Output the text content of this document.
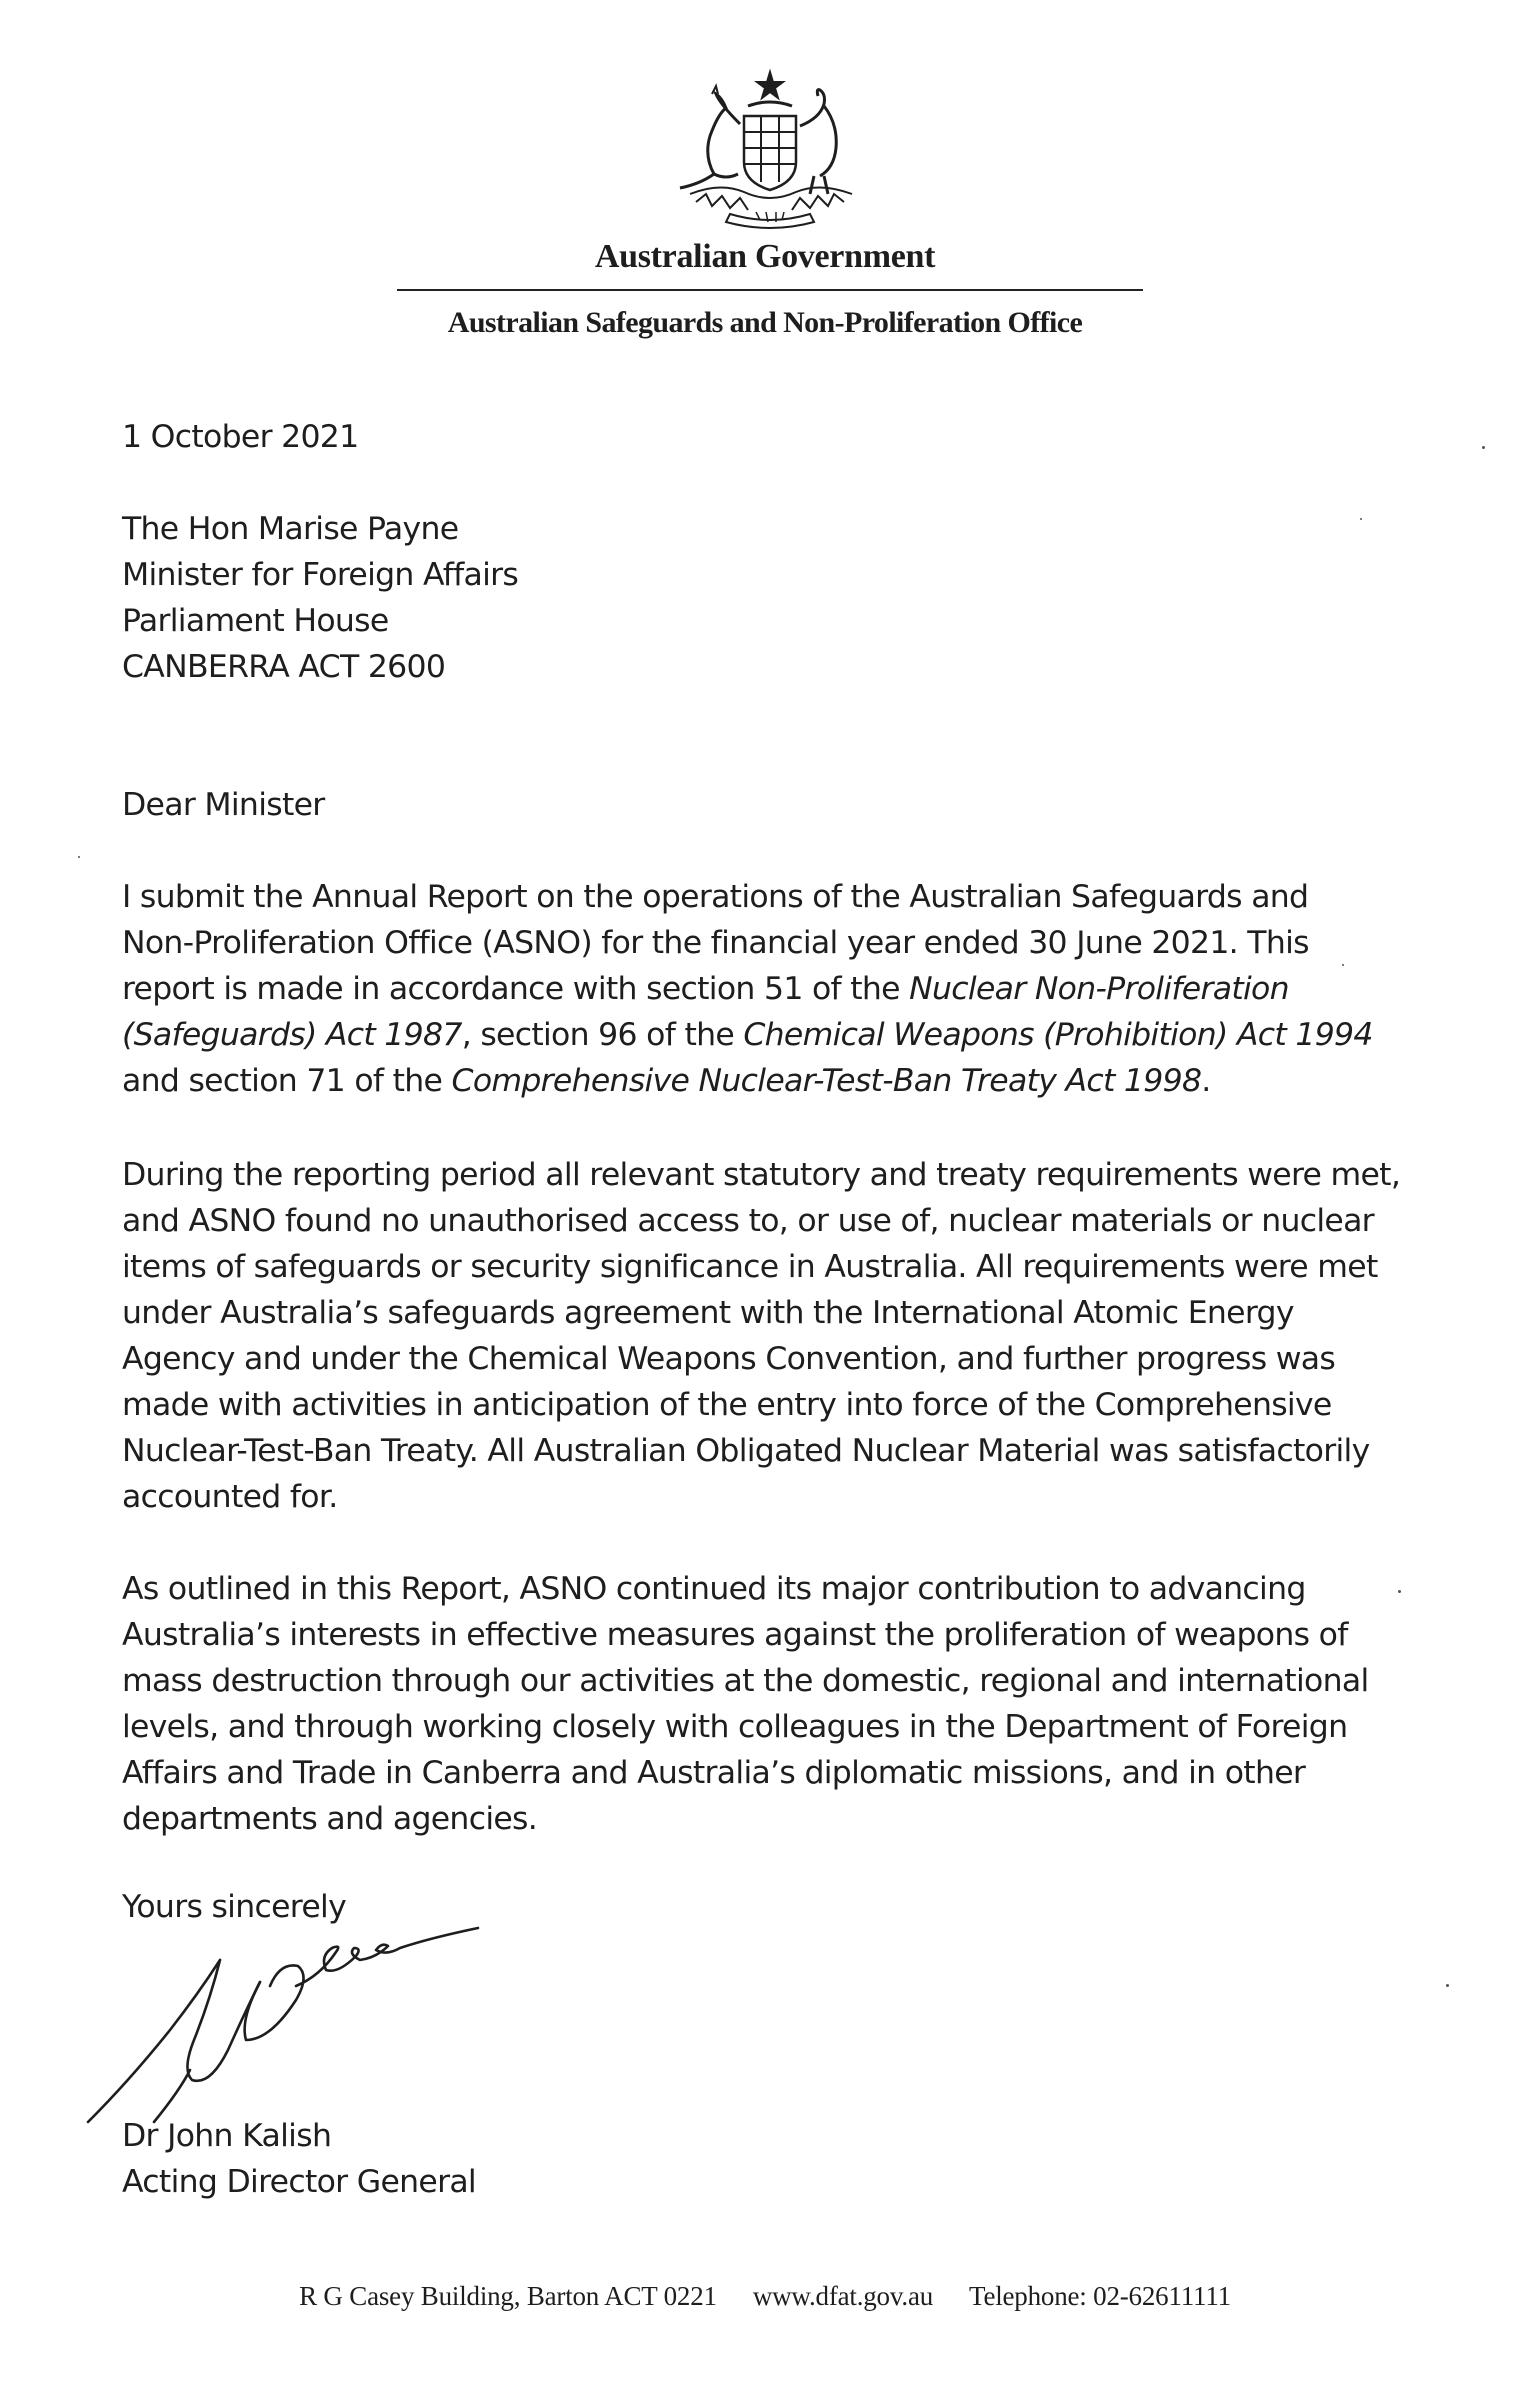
Australian Government
Australian Safeguards and Non-Proliferation Office
1 October 2021
The Hon Marise Payne
Minister for Foreign Affairs
Parliament House
CANBERRA ACT 2600
Dear Minister
I submit the Annual Report on the operations of the Australian Safeguards and
Non-Proliferation Office (ASNO) for the financial year ended 30 June 2021. This
report is made in accordance with section 51 of the Nuclear Non-Proliferation
(Safeguards) Act 1987, section 96 of the Chemical Weapons (Prohibition) Act 1994
and section 71 of the Comprehensive Nuclear-Test-Ban Treaty Act 1998.
During the reporting period all relevant statutory and treaty requirements were met,
and ASNO found no unauthorised access to, or use of, nuclear materials or nuclear
items of safeguards or security significance in Australia. All requirements were met
under Australia’s safeguards agreement with the International Atomic Energy
Agency and under the Chemical Weapons Convention, and further progress was
made with activities in anticipation of the entry into force of the Comprehensive
Nuclear-Test-Ban Treaty. All Australian Obligated Nuclear Material was satisfactorily
accounted for.
As outlined in this Report, ASNO continued its major contribution to advancing
Australia’s interests in effective measures against the proliferation of weapons of
mass destruction through our activities at the domestic, regional and international
levels, and through working closely with colleagues in the Department of Foreign
Affairs and Trade in Canberra and Australia’s diplomatic missions, and in other
departments and agencies.
Yours sincerely
Dr John Kalish
Acting Director General
R G Casey Building, Barton ACT 0221 www.dfat.gov.au Telephone: 02-62611111
